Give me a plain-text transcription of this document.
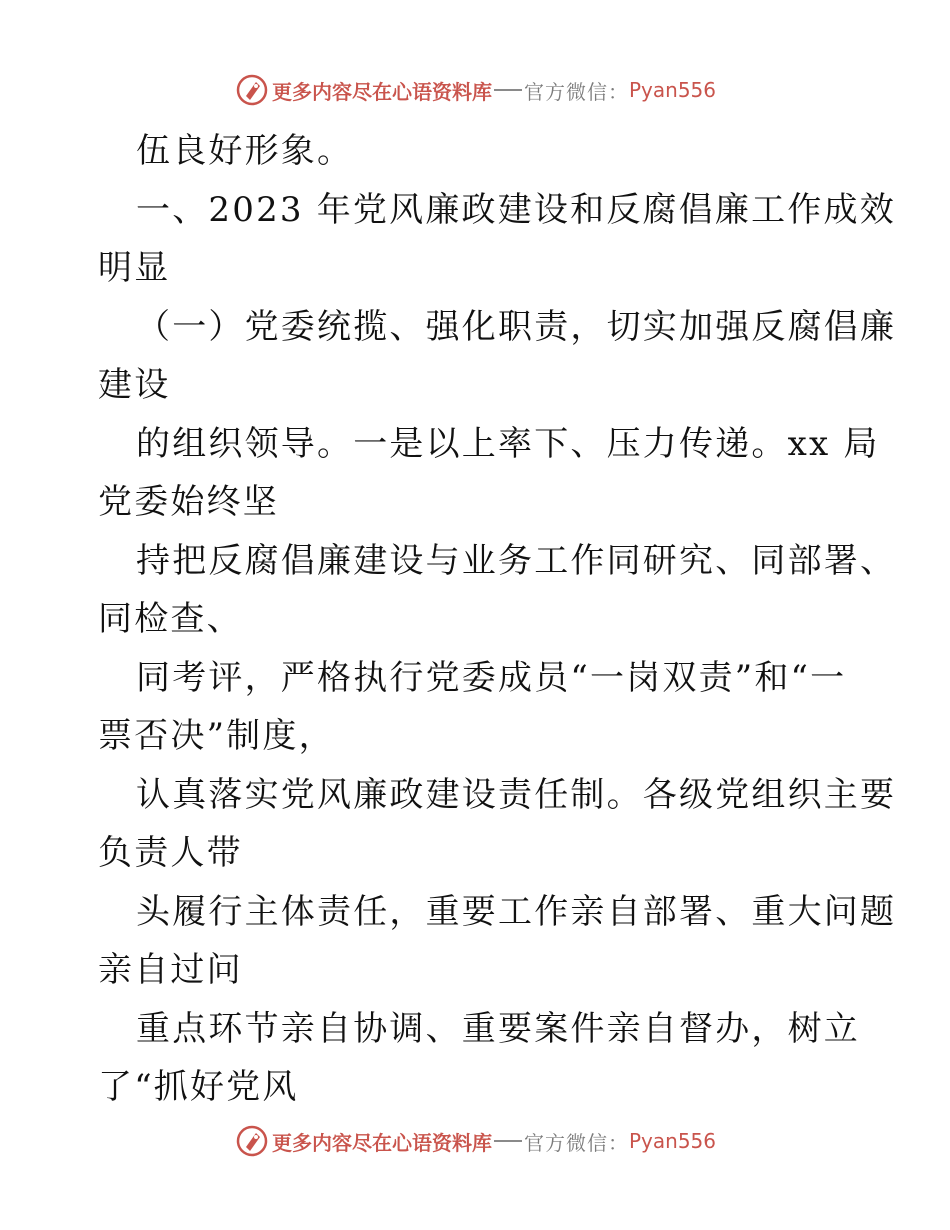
更多内容尽在心语资料库 官方微信： Pyan556
伍良好形象。
一、2023 年党风廉政建设和反腐倡廉工作成效
明显
（一）党委统揽、强化职责，切实加强反腐倡廉
建设
的组织领导。一是以上率下、压力传递。xx 局
党委始终坚
持把反腐倡廉建设与业务工作同研究、同部署、
同检查、
同考评，严格执行党委成员“一岗双责”和“一
票否决”制度，
认真落实党风廉政建设责任制。各级党组织主要
负责人带
头履行主体责任，重要工作亲自部署、重大问题
亲自过问
重点环节亲自协调、重要案件亲自督办，树立
了“抓好党风
更多内容尽在心语资料库 官方微信： Pyan556
